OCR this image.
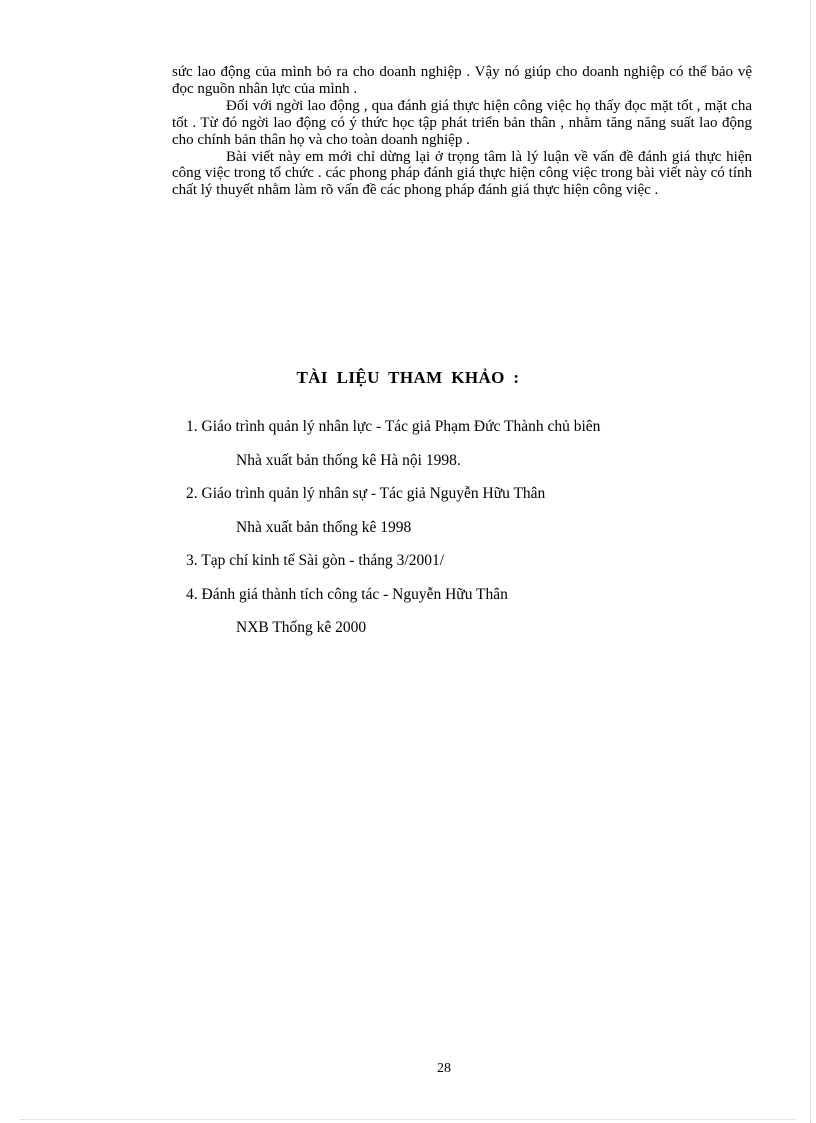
sức lao động của mình bỏ ra cho doanh nghiệp . Vậy nó giúp cho doanh nghiệp có thể bảo vệ đọc nguồn nhân lực của mình .

Đối với ngời lao động , qua đánh giá thực hiện công việc họ thấy đọc mặt tốt , mặt cha tốt . Từ đó ngời lao động có ý thức học tập phát triển bản thân , nhằm tăng năng suất lao động cho chính bản thân họ và cho toàn doanh nghiệp .

Bài viết này em mới chỉ dừng lại ở trọng tâm là lý luận về vấn đề đánh giá thực hiện công việc trong tổ chức . các phong pháp đánh giá thực hiện công việc trong bài viết này có tính chất lý thuyết nhằm làm rõ vấn đề các phong pháp đánh giá thực hiện công việc .

TÀI LIỆU THAM KHẢO :
1. Giáo trình quản lý nhân lực - Tác giả Phạm Đức Thành chủ biên
Nhà xuất bản thống kê Hà nội 1998.
2. Giáo trình quản lý nhân sự - Tác giả Nguyễn Hữu Thân
Nhà xuất bản thống kê 1998
3. Tạp chí kinh tế Sài gòn - tháng 3/2001/
4. Đánh giá thành tích công tác - Nguyễn Hữu Thân
NXB Thống kê 2000
28
